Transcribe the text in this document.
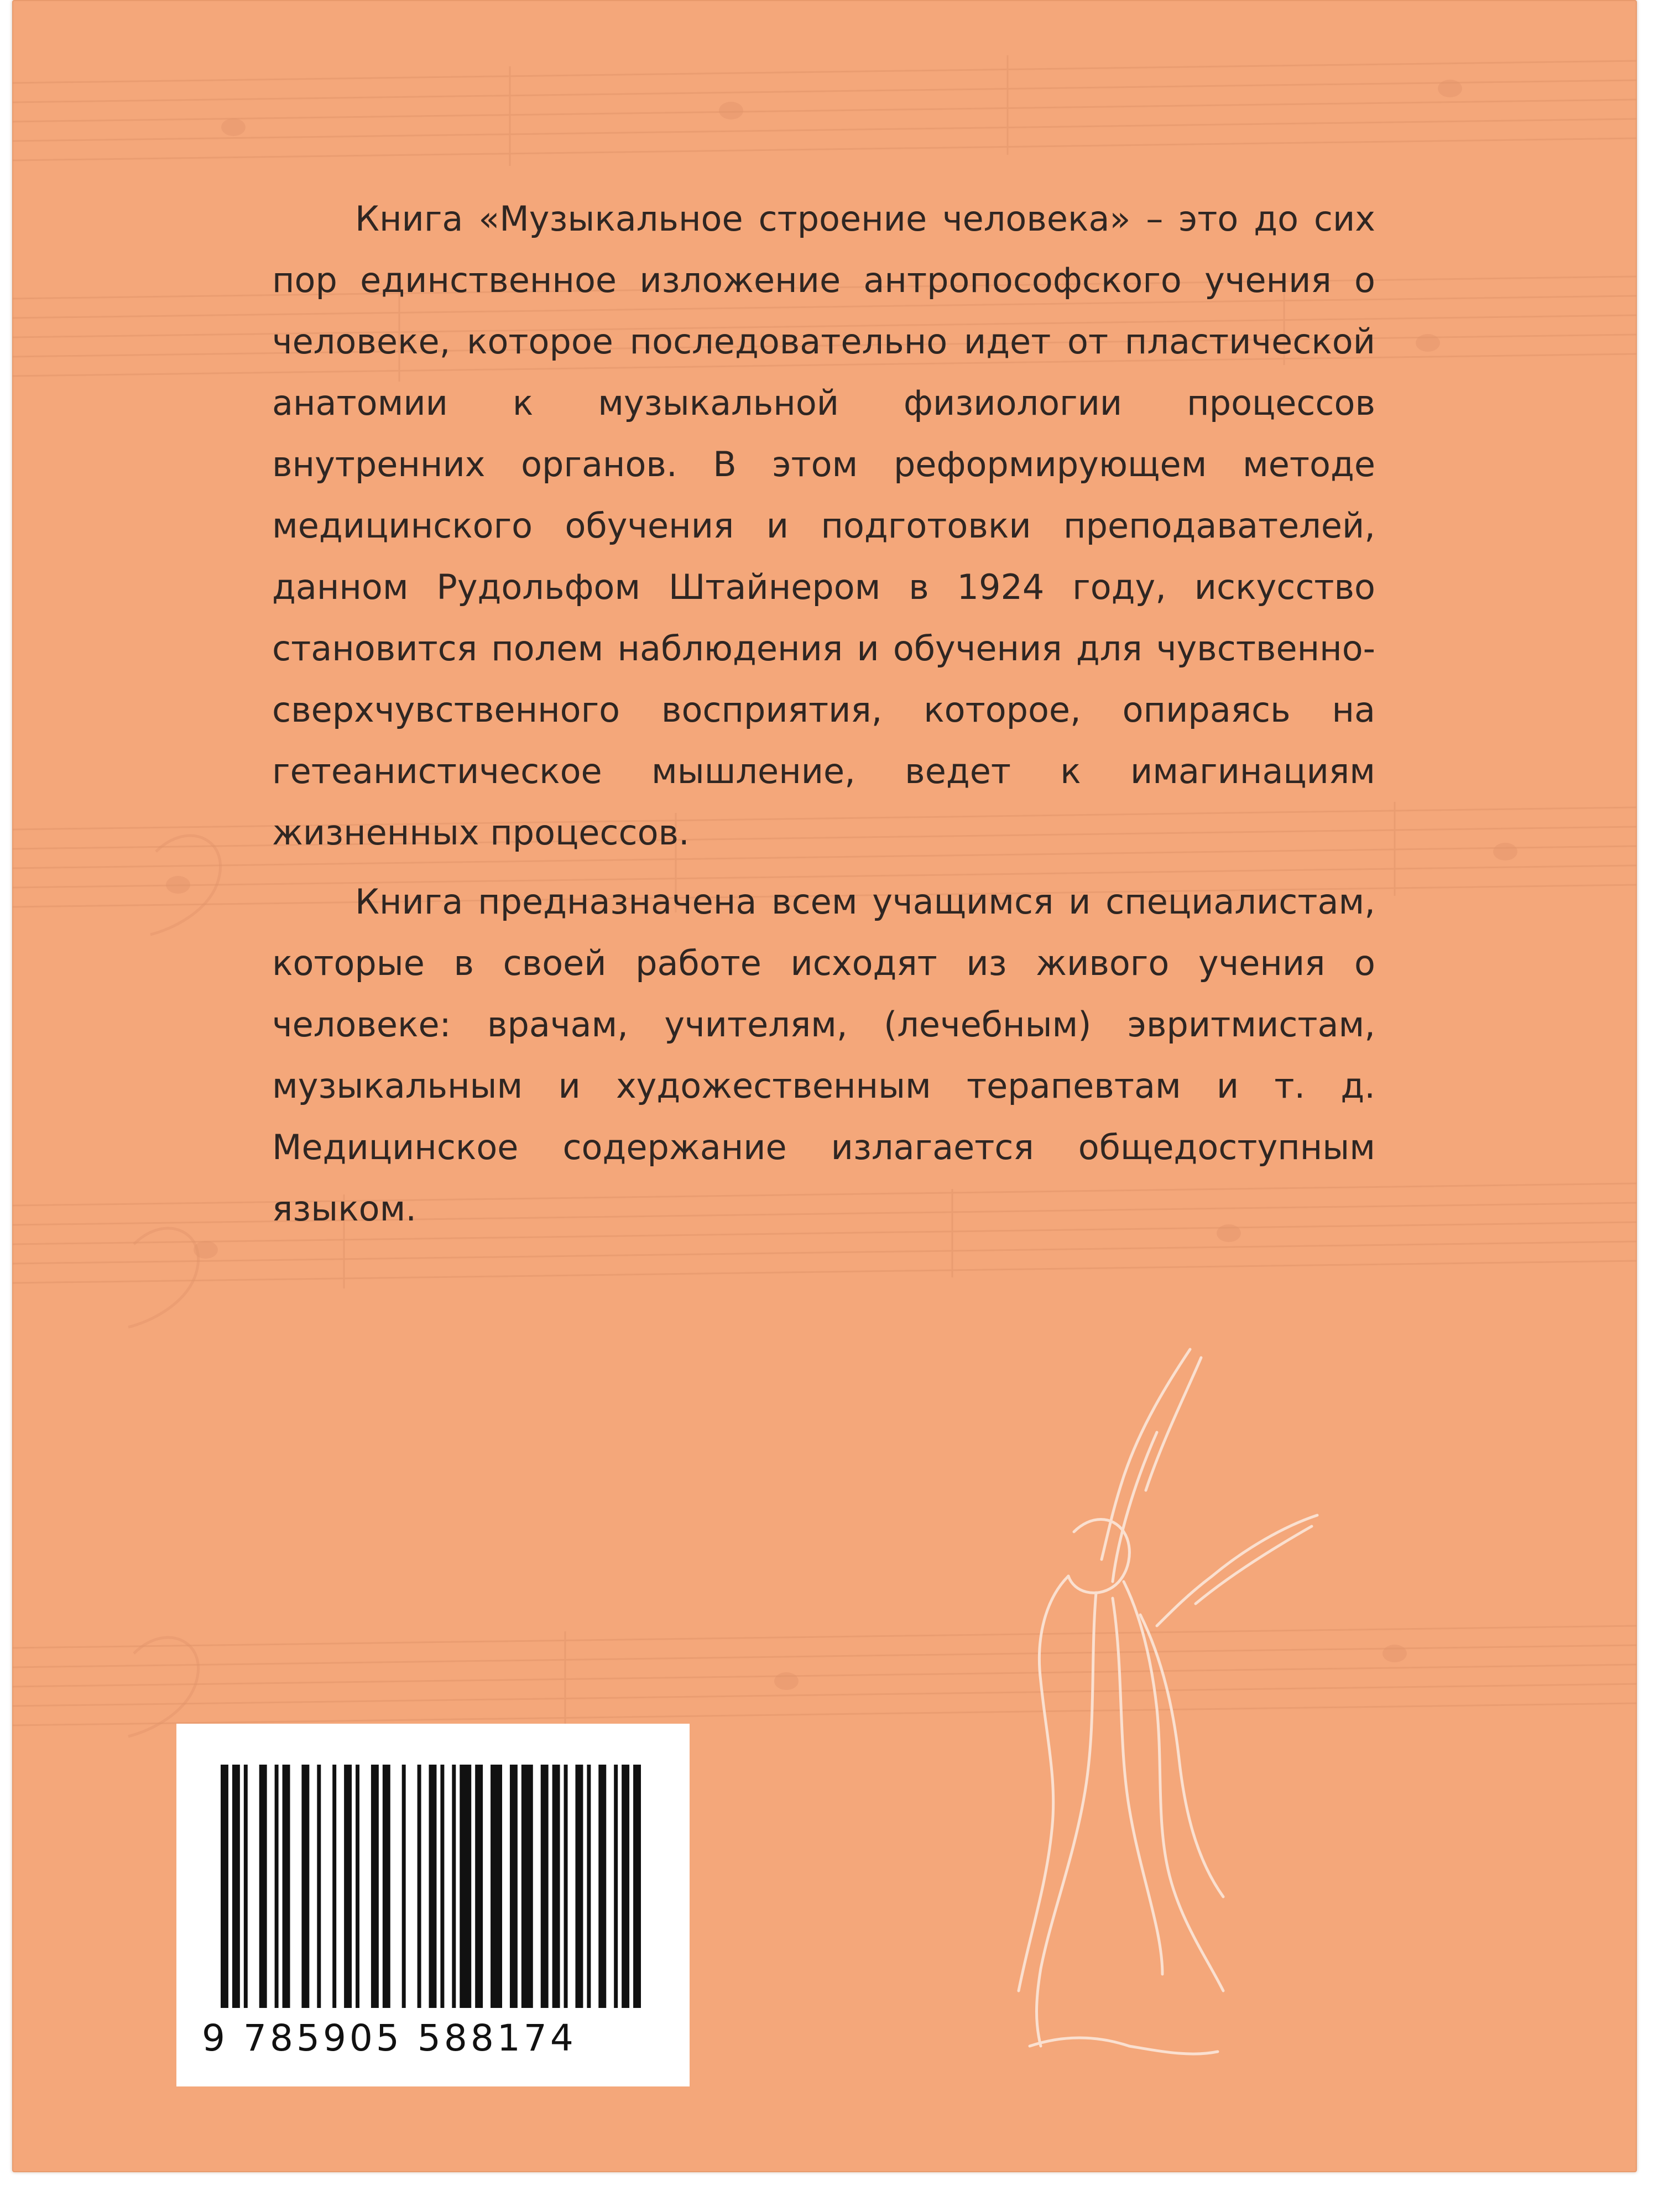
Книга «Музыкальное строение человека» – это до сих пор единственное изложение антропософского учения о человеке, которое последовательно идет от пластической анатомии к музыкальной физиологии процессов внутренних органов. В этом реформирующем методе медицинского обучения и подготовки преподавателей, данном Рудольфом Штайнером в 1924 году, искусство становится полем наблюдения и обучения для чувственно-сверхчувственного восприятия, которое, опираясь на гетеанистическое мышление, ведет к имагинациям жизненных процессов.

Книга предназначена всем учащимся и специалистам, которые в своей работе исходят из живого учения о человеке: врачам, учителям, (лечебным) эвритмистам, музыкальным и художественным терапевтам и т. д. Медицинское содержание излагается общедоступным языком.

9 785905 588174
